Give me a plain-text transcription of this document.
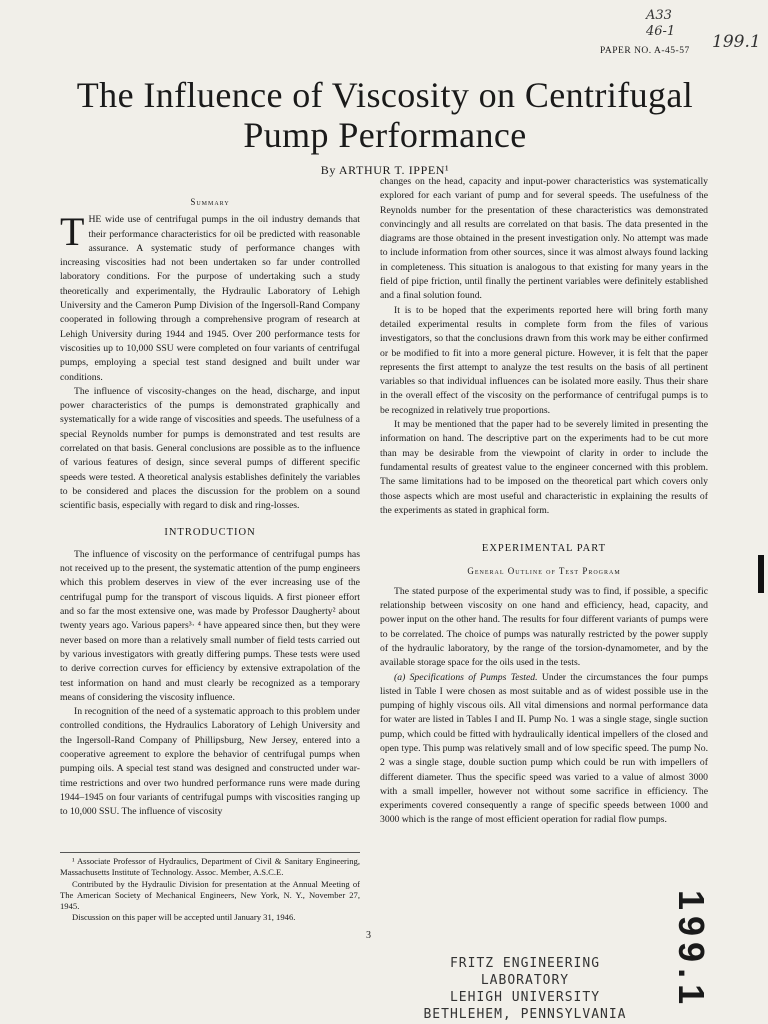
A33
46-1
199.1
PAPER NO. A-45-57
The Influence of Viscosity on Centrifugal
Pump Performance
By ARTHUR T. IPPEN¹
Summary

THE wide use of centrifugal pumps in the oil industry demands that their performance characteristics for oil be predicted with reasonable assurance. A systematic study of performance changes with increasing viscosities had not been undertaken so far under controlled laboratory conditions. For the purpose of undertaking such a study theoretically and experimentally, the Hydraulic Laboratory of Lehigh University and the Cameron Pump Division of the Ingersoll-Rand Company cooperated in following through a comprehensive program of research at Lehigh University during 1944 and 1945. Over 200 performance tests for viscosities up to 10,000 SSU were completed on four variants of centrifugal pumps, employing a special test stand designed and built under war conditions.

The influence of viscosity-changes on the head, discharge, and input power characteristics of the pumps is demonstrated graphically and systematically for a wide range of viscosities and speeds. The usefulness of a special Reynolds number for pumps is demonstrated and test results are correlated on that basis. General conclusions are possible as to the influence of various features of design, since several pumps of different specific speeds were tested. A theoretical analysis establishes definitely the variables to be considered and places the discussion for the problem on a sound scientific basis, especially with regard to disk and ring-losses.

INTRODUCTION

The influence of viscosity on the performance of centrifugal pumps has not received up to the present, the systematic attention of the pump engineers which this problem deserves in view of the ever increasing use of the centrifugal pump for the transport of viscous liquids. A first pioneer effort and so far the most extensive one, was made by Professor Daugherty² about twenty years ago. Various papers³· ⁴ have appeared since then, but they were never based on more than a relatively small number of field tests carried out by various investigators with greatly differing pumps. These tests were used to derive correction curves for efficiency by extensive extrapolation of the test information on hand and must clearly be recognized as a temporary means of considering the viscosity influence.

In recognition of the need of a systematic approach to this problem under controlled conditions, the Hydraulics Laboratory of Lehigh University and the Ingersoll-Rand Company of Phillipsburg, New Jersey, entered into a cooperative agreement to explore the behavior of centrifugal pumps when pumping oils. A special test stand was designed and constructed under war-time restrictions and over two hundred performance runs were made during 1944–1945 on four variants of centrifugal pumps with viscosities ranging up to 10,000 SSU. The influence of viscosity

¹ Associate Professor of Hydraulics, Department of Civil & Sanitary Engineering, Massachusetts Institute of Technology. Assoc. Member, A.S.C.E.

Contributed by the Hydraulic Division for presentation at the Annual Meeting of The American Society of Mechanical Engineers, New York, N. Y., November 27, 1945.

Discussion on this paper will be accepted until January 31, 1946.

changes on the head, capacity and input-power characteristics was systematically explored for each variant of pump and for several speeds. The usefulness of the Reynolds number for the presentation of these characteristics was demonstrated convincingly and all results are correlated on that basis. The data presented in the diagrams are those obtained in the present investigation only. No attempt was made to include information from other sources, since it was almost always found lacking in completeness. This situation is analogous to that existing for many years in the field of pipe friction, until finally the pertinent variables were definitely established and a final solution found.

It is to be hoped that the experiments reported here will bring forth many detailed experimental results in complete form from the files of various investigators, so that the conclusions drawn from this work may be either confirmed or be modified to fit into a more general picture. However, it is felt that the paper represents the first attempt to analyze the test results on the basis of all pertinent variables so that individual influences can be isolated more easily. Thus their share in the overall effect of the viscosity on the performance of centrifugal pumps is to be recognized in relatively true proportions.

It may be mentioned that the paper had to be severely limited in presenting the information on hand. The descriptive part on the experiments had to be cut more than may be desirable from the viewpoint of clarity in order to include the fundamental results of greatest value to the engineer concerned with this problem. The same limitations had to be imposed on the theoretical part which covers only those aspects which are most useful and characteristic in explaining the results of the experiments as stated in graphical form.

EXPERIMENTAL PART
General Outline of Test Program

The stated purpose of the experimental study was to find, if possible, a specific relationship between viscosity on one hand and efficiency, head, capacity, and power input on the other hand. The results for four different variants of pumps were to be correlated. The choice of pumps was naturally restricted by the power supply of the hydraulic laboratory, by the range of the torsion-dynamometer, and by the available storage space for the oils used in the tests.

(a) Specifications of Pumps Tested. Under the circumstances the four pumps listed in Table I were chosen as most suitable and as of widest possible use in the pumping of highly viscous oils. All vital dimensions and normal performance data for water are listed in Tables I and II. Pump No. 1 was a single stage, single suction pump, which could be fitted with hydraulically identical impellers of the closed and open type. This pump was relatively small and of low specific speed. The pump No. 2 was a single stage, double suction pump which could be run with impellers of different diameter. Thus the specific speed was varied to a value of almost 3000 with a small impeller, however not without some sacrifice in efficiency. The experiments covered consequently a range of specific speeds between 1000 and 3000 which is the range of most efficient operation for radial flow pumps.

3
FRITZ ENGINEERING LABORATORY
LEHIGH UNIVERSITY
BETHLEHEM, PENNSYLVANIA
199.1
